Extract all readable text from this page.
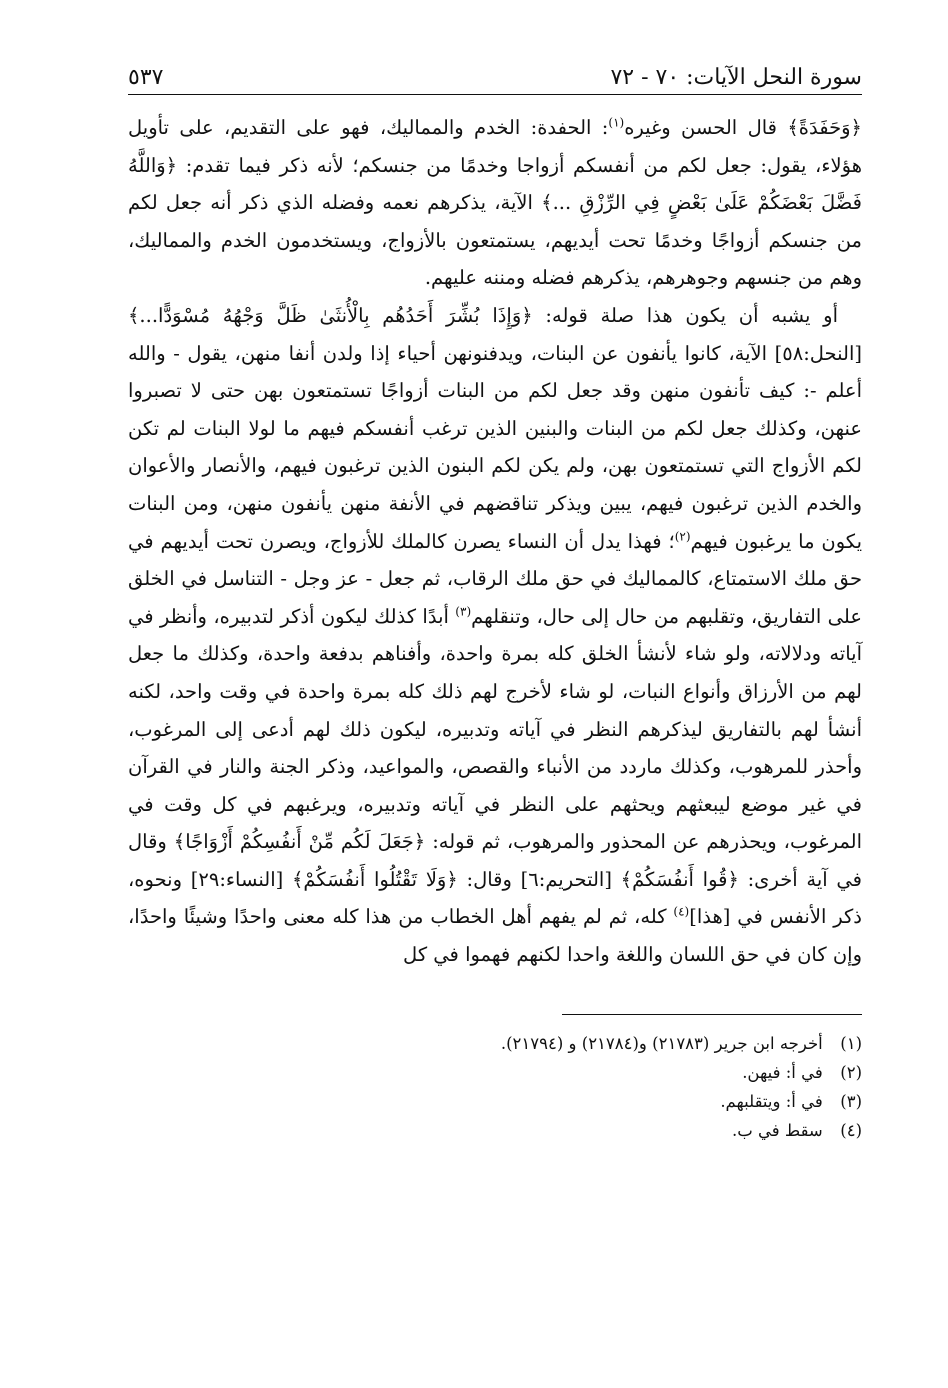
سورة النحل الآيات: ٧٠ - ٧٢
٥٣٧

﴿وَحَفَدَةً﴾ قال الحسن وغيره$^{(١)}$: الحفدة: الخدم والمماليك، فهو على التقديم، على تأويل هؤلاء، يقول: جعل لكم من أنفسكم أزواجا وخدمًا من جنسكم؛ لأنه ذكر فيما تقدم: ﴿وَاللَّهُ فَضَّلَ بَعْضَكُمْ عَلَىٰ بَعْضٍ فِي الرِّزْقِ ...﴾ الآية، يذكرهم نعمه وفضله الذي ذكر أنه جعل لكم من جنسكم أزواجًا وخدمًا تحت أيديهم، يستمتعون بالأزواج، ويستخدمون الخدم والمماليك، وهم من جنسهم وجوهرهم، يذكرهم فضله ومننه عليهم.

أو يشبه أن يكون هذا صلة قوله: ﴿وَإِذَا بُشِّرَ أَحَدُهُم بِالْأُنثَىٰ ظَلَّ وَجْهُهُ مُسْوَدًّا...﴾ [النحل:٥٨] الآية، كانوا يأنفون عن البنات، ويدفنونهن أحياء إذا ولدن أنفا منهن، يقول - والله أعلم -: كيف تأنفون منهن وقد جعل لكم من البنات أزواجًا تستمتعون بهن حتى لا تصبروا عنهن، وكذلك جعل لكم من البنات والبنين الذين ترغب أنفسكم فيهم ما لولا البنات لم تكن لكم الأزواج التي تستمتعون بهن، ولم يكن لكم البنون الذين ترغبون فيهم، والأنصار والأعوان والخدم الذين ترغبون فيهم، يبين ويذكر تناقضهم في الأنفة منهن يأنفون منهن، ومن البنات يكون ما يرغبون فيهم$^{(٢)}$؛ فهذا يدل أن النساء يصرن كالملك للأزواج، ويصرن تحت أيديهم في حق ملك الاستمتاع، كالمماليك في حق ملك الرقاب، ثم جعل - عز وجل - التناسل في الخلق على التفاريق، وتقلبهم من حال إلى حال، وتنقلهم$^{(٣)}$ أبدًا كذلك ليكون أذكر لتدبيره، وأنظر في آياته ودلالاته، ولو شاء لأنشأ الخلق كله بمرة واحدة، وأفناهم بدفعة واحدة، وكذلك ما جعل لهم من الأرزاق وأنواع النبات، لو شاء لأخرج لهم ذلك كله بمرة واحدة في وقت واحد، لكنه أنشأ لهم بالتفاريق ليذكرهم النظر في آياته وتدبيره، ليكون ذلك لهم أدعى إلى المرغوب، وأحذر للمرهوب، وكذلك ماردد من الأنباء والقصص، والمواعيد، وذكر الجنة والنار في القرآن في غير موضع ليبعثهم ويحثهم على النظر في آياته وتدبيره، ويرغبهم في كل وقت في المرغوب، ويحذرهم عن المحذور والمرهوب، ثم قوله: ﴿جَعَلَ لَكُم مِّنْ أَنفُسِكُمْ أَزْوَاجًا﴾ وقال في آية أخرى: ﴿قُوا أَنفُسَكُمْ﴾ [التحريم:٦] وقال: ﴿وَلَا تَقْتُلُوا أَنفُسَكُمْ﴾ [النساء:٢٩] ونحوه، ذكر الأنفس في [هذا]$^{(٤)}$ كله، ثم لم يفهم أهل الخطاب من هذا كله معنى واحدًا وشيئًا واحدًا، وإن كان في حق اللسان واللغة واحدا لكنهم فهموا في كل

(١) أخرجه ابن جرير (٢١٧٨٣) و(٢١٧٨٤) و (٢١٧٩٤).
(٢) في أ: فيهن.
(٣) في أ: ويتقلبهم.
(٤) سقط في ب.
